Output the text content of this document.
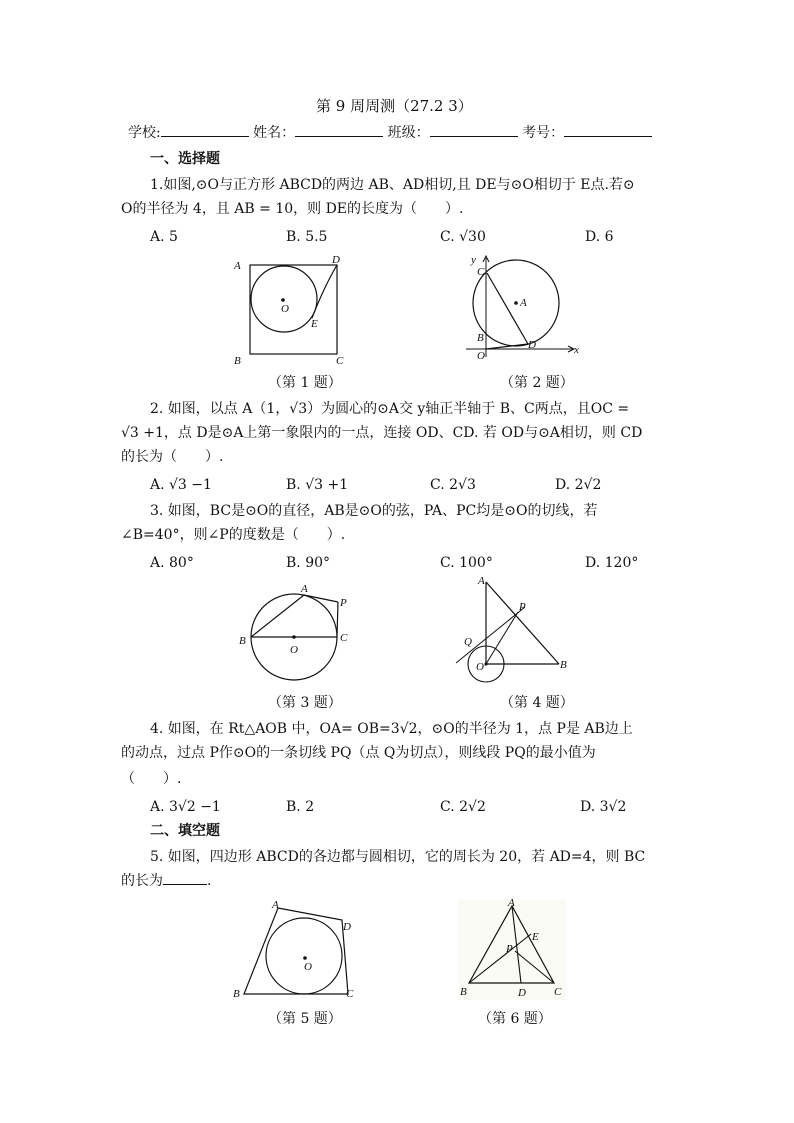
第 9 周周测（27.2 3）
学校:	姓名：	班级：	考号：
一、选择题
1.如图,⊙O与正方形 ABCD的两边 AB、AD相切,且 DE与⊙O相切于 E点.若⊙
O的半径为 4，且 AB = 10，则 DE的长度为（　　）.
A. 5	B. 5.5	C. √30	D. 6
A	D
O
E
B	C
y
C
A
B
O
D	x
（第 1 题）	（第 2 题）
2. 如图，以点 A（1，√3）为圆心的⊙A交 y轴正半轴于 B、C两点，且OC =
√3 +1，点 D是⊙A上第一象限内的一点，连接 OD、CD. 若 OD与⊙A相切，则 CD
的长为（　　）.
A. √3 −1	B. √3 +1	C. 2√3	D. 2√2
3. 如图，BC是⊙O的直径，AB是⊙O的弦，PA、PC均是⊙O的切线，若
∠B=40°，则∠P的度数是（　　）.
A. 80°	B. 90°	C. 100°	D. 120°
A
P
B
O
C
A
P
Q
O	B
（第 3 题）	（第 4 题）
4. 如图，在 Rt△AOB 中，OA= OB=3√2，⊙O的半径为 1，点 P是 AB边上
的动点，过点 P作⊙O的一条切线 PQ（点 Q为切点），则线段 PQ的最小值为
（　　）.
A. 3√2 −1	B. 2	C. 2√2	D. 3√2
二、填空题
5. 如图，四边形 ABCD的各边都与圆相切，它的周长为 20，若 AD=4，则 BC
的长为	.
A
D
O
B	C
A
E
P
B	D	C
（第 5 题）	（第 6 题）
